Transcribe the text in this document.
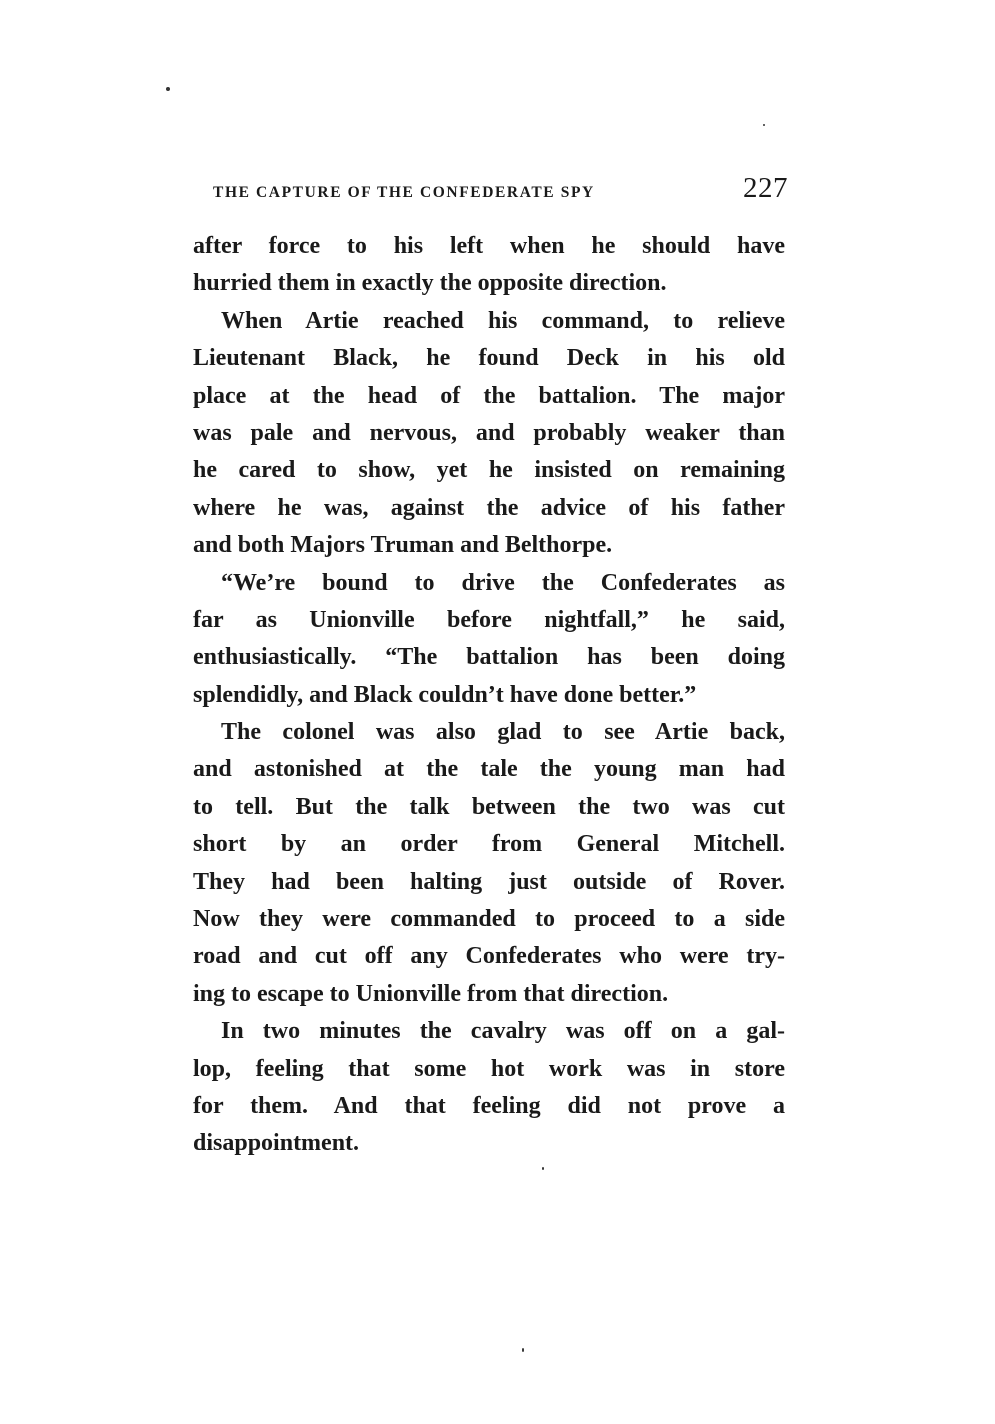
THE CAPTURE OF THE CONFEDERATE SPY	227
after force to his left when he should have
hurried them in exactly the opposite direction.
When Artie reached his command, to relieve
Lieutenant Black, he found Deck in his old
place at the head of the battalion. The major
was pale and nervous, and probably weaker than
he cared to show, yet he insisted on remaining
where he was, against the advice of his father
and both Majors Truman and Belthorpe.
“We’re bound to drive the Confederates as
far as Unionville before nightfall,” he said,
enthusiastically. “The battalion has been doing
splendidly, and Black couldn’t have done better.”
The colonel was also glad to see Artie back,
and astonished at the tale the young man had
to tell. But the talk between the two was cut
short by an order from General Mitchell.
They had been halting just outside of Rover.
Now they were commanded to proceed to a side
road and cut off any Confederates who were try-
ing to escape to Unionville from that direction.
In two minutes the cavalry was off on a gal-
lop, feeling that some hot work was in store
for them. And that feeling did not prove a
disappointment.
